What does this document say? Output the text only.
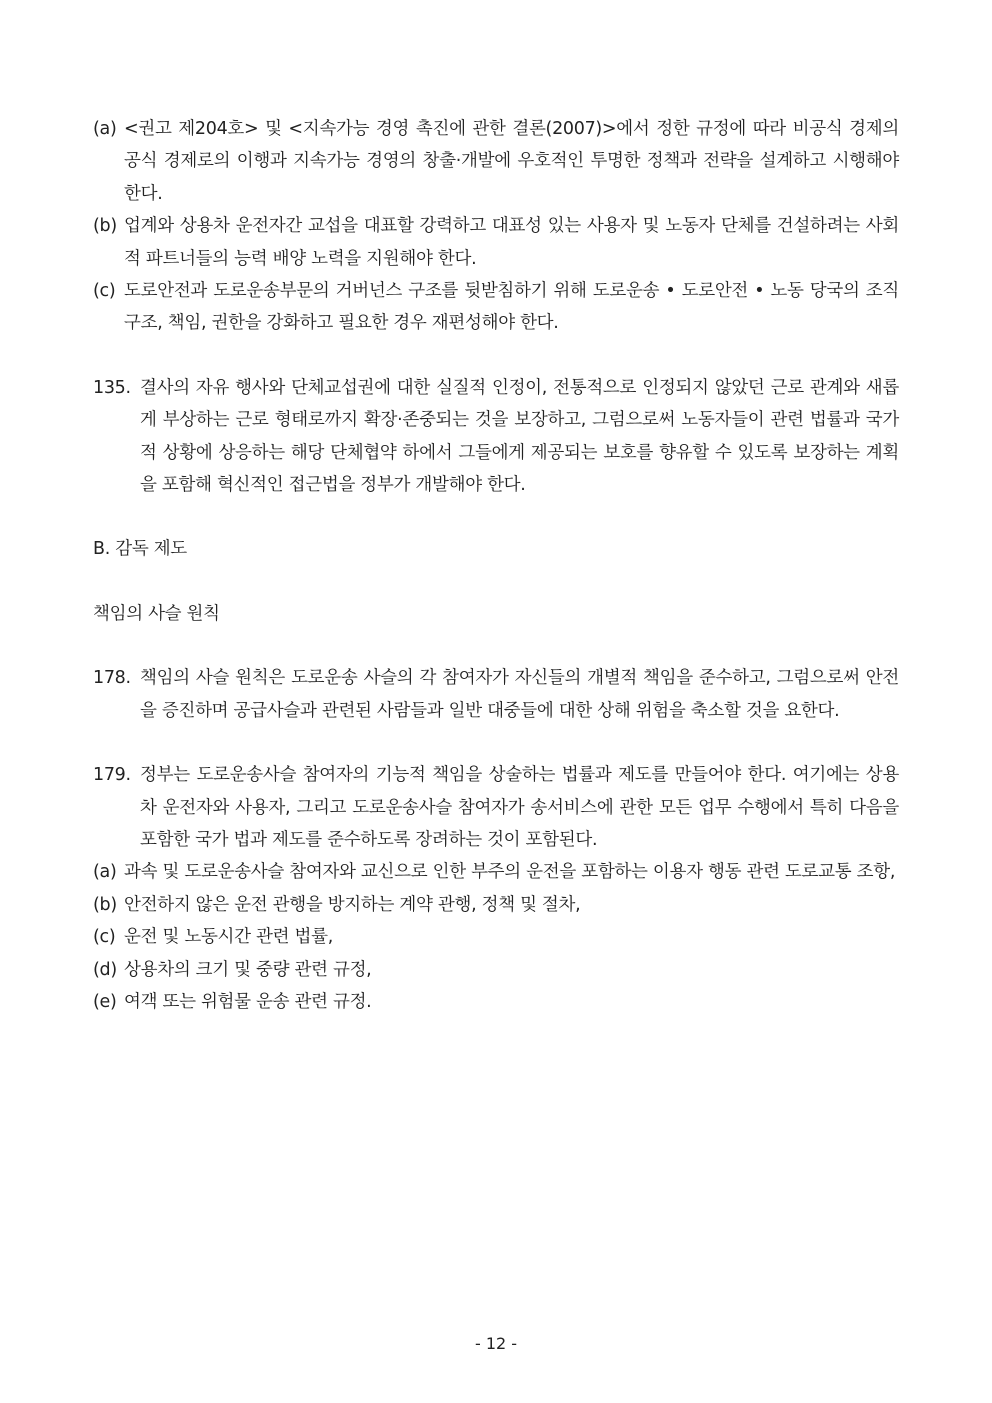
(a) <권고 제204호> 및 <지속가능 경영 촉진에 관한 결론(2007)>에서 정한 규정에 따라 비공식 경제의 공식 경제로의 이행과 지속가능 경영의 창출·개발에 우호적인 투명한 정책과 전략을 설계하고 시행해야 한다.
(b) 업계와 상용차 운전자간 교섭을 대표할 강력하고 대표성 있는 사용자 및 노동자 단체를 건설하려는 사회적 파트너들의 능력 배양 노력을 지원해야 한다.
(c) 도로안전과 도로운송부문의 거버넌스 구조를 뒷받침하기 위해 도로운송 • 도로안전 • 노동 당국의 조직구조, 책임, 권한을 강화하고 필요한 경우 재편성해야 한다.
135. 결사의 자유 행사와 단체교섭권에 대한 실질적 인정이, 전통적으로 인정되지 않았던 근로 관계와 새롭게 부상하는 근로 형태로까지 확장·존중되는 것을 보장하고, 그럼으로써 노동자들이 관련 법률과 국가적 상황에 상응하는 해당 단체협약 하에서 그들에게 제공되는 보호를 향유할 수 있도록 보장하는 계획을 포함해 혁신적인 접근법을 정부가 개발해야 한다.

B. 감독 제도

책임의 사슬 원칙

178. 책임의 사슬 원칙은 도로운송 사슬의 각 참여자가 자신들의 개별적 책임을 준수하고, 그럼으로써 안전을 증진하며 공급사슬과 관련된 사람들과 일반 대중들에 대한 상해 위험을 축소할 것을 요한다.
179. 정부는 도로운송사슬 참여자의 기능적 책임을 상술하는 법률과 제도를 만들어야 한다. 여기에는 상용차 운전자와 사용자, 그리고 도로운송사슬 참여자가 송서비스에 관한 모든 업무 수행에서 특히 다음을 포함한 국가 법과 제도를 준수하도록 장려하는 것이 포함된다.
(a) 과속 및 도로운송사슬 참여자와 교신으로 인한 부주의 운전을 포함하는 이용자 행동 관련 도로교통 조항,
(b) 안전하지 않은 운전 관행을 방지하는 계약 관행, 정책 및 절차,
(c) 운전 및 노동시간 관련 법률,
(d) 상용차의 크기 및 중량 관련 규정,
(e) 여객 또는 위험물 운송 관련 규정.
- 12 -
